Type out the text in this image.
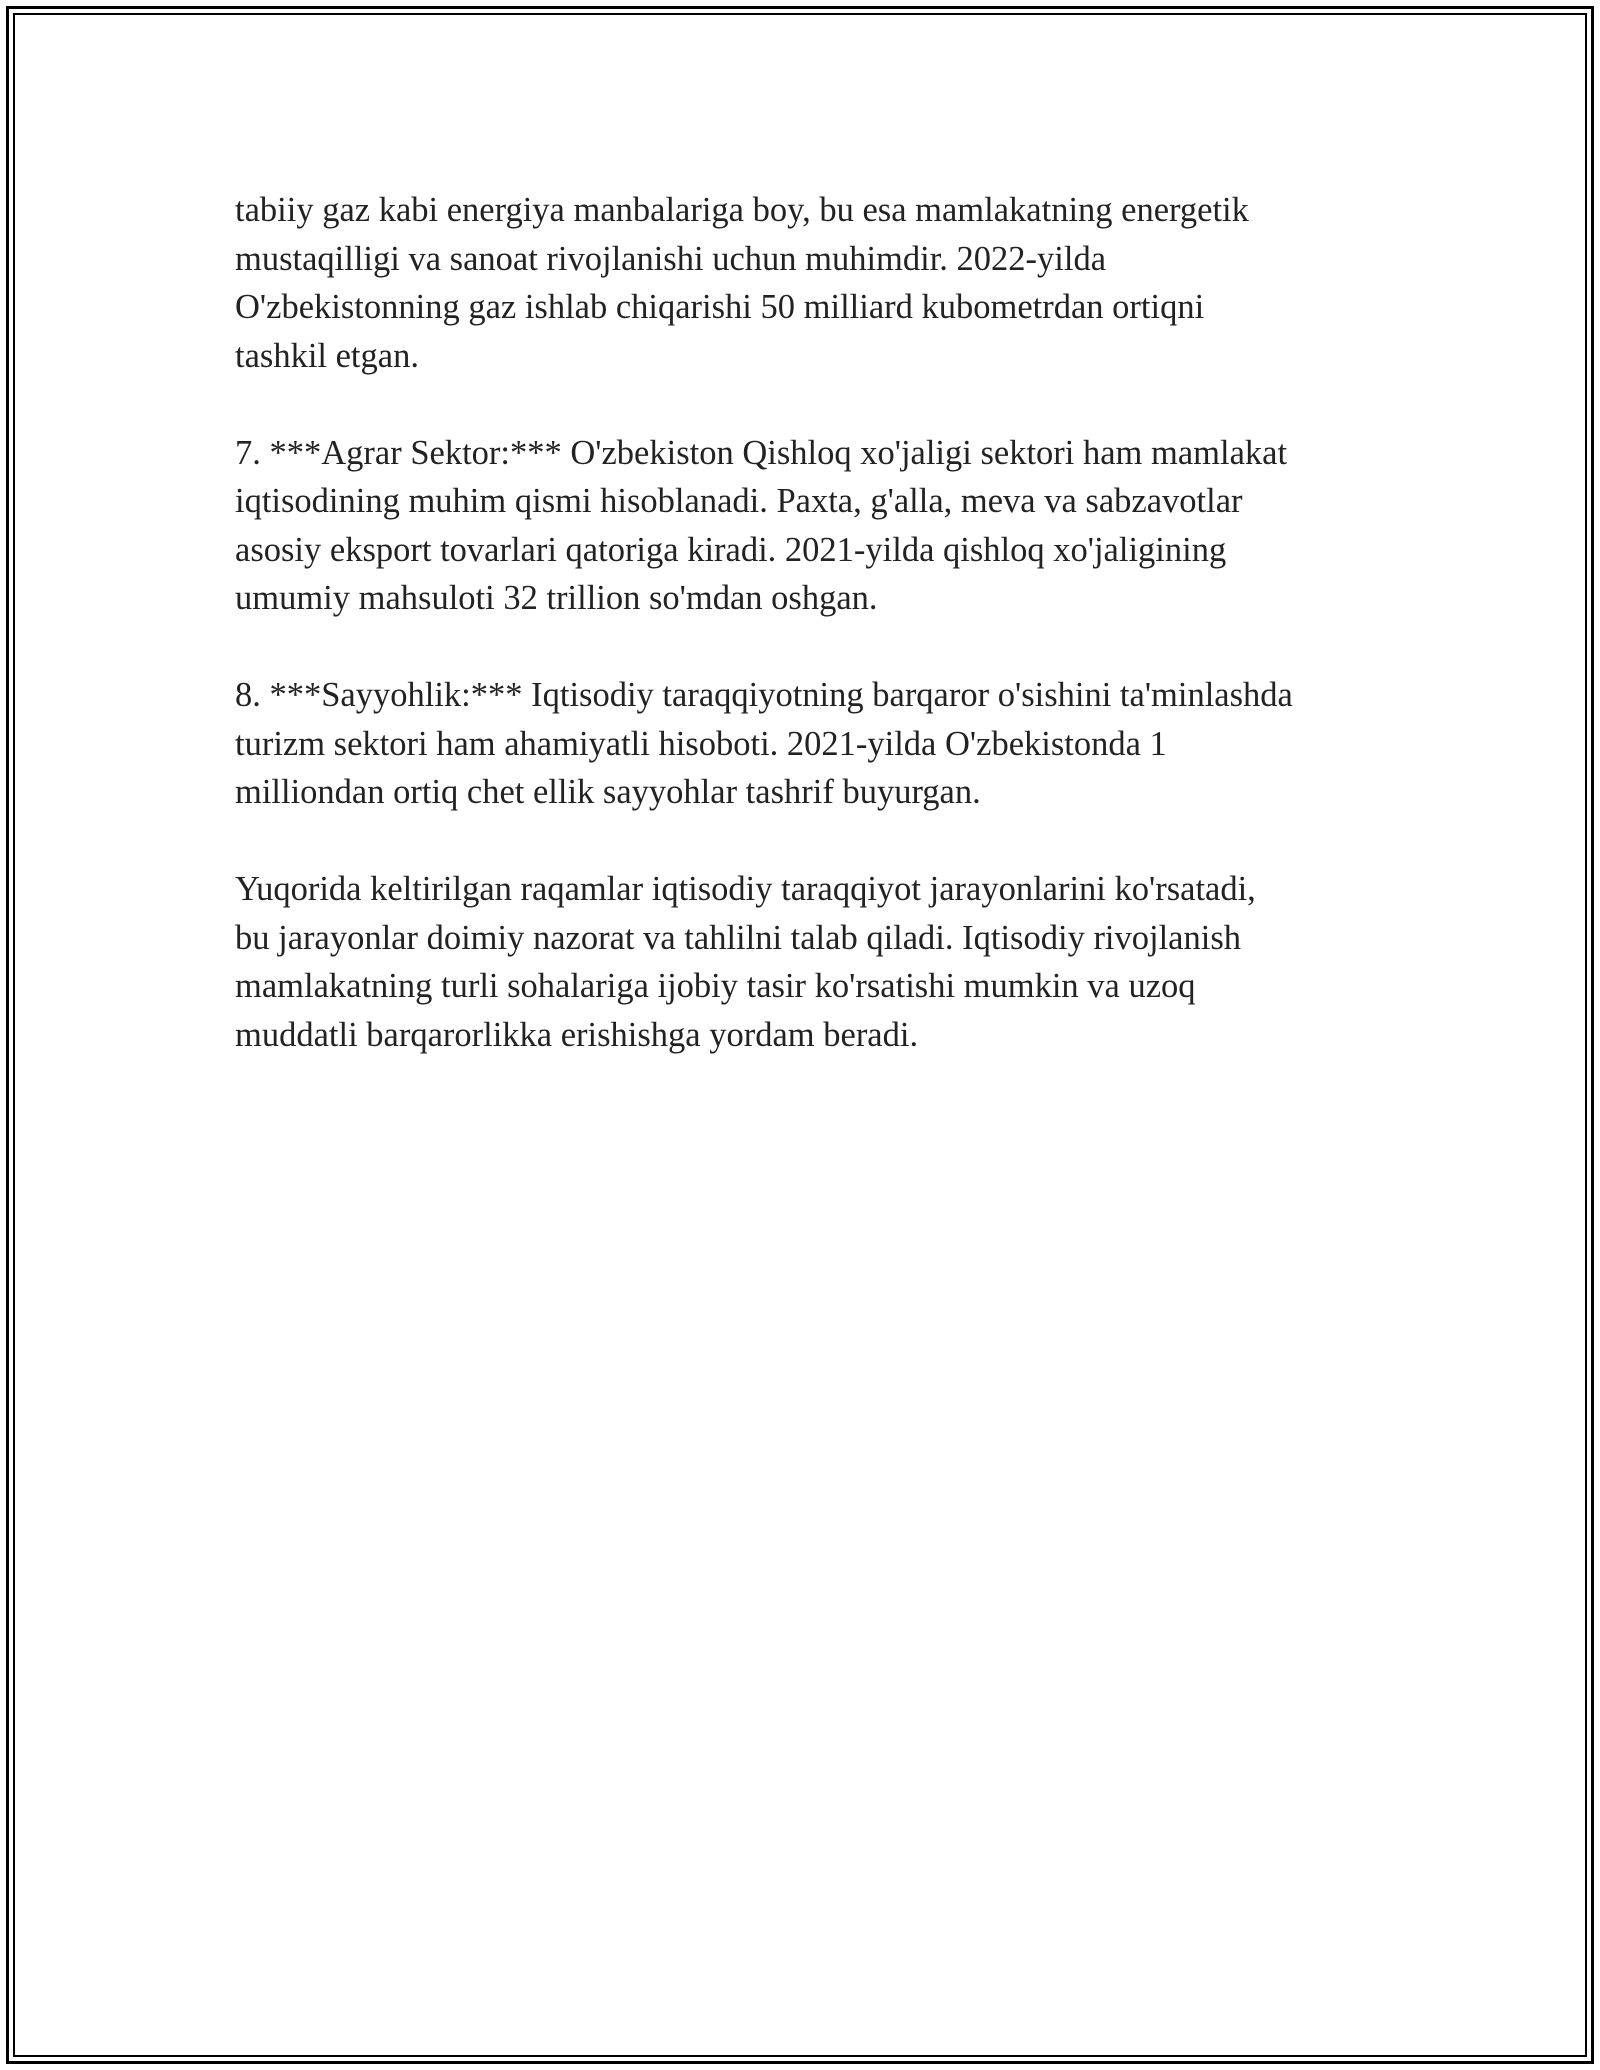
tabiiy gaz kabi energiya manbalariga boy, bu esa mamlakatning energetik
mustaqilligi va sanoat rivojlanishi uchun muhimdir. 2022-yilda
O'zbekistonning gaz ishlab chiqarishi 50 milliard kubometrdan ortiqni
tashkil etgan.

7. ***Agrar Sektor:*** O'zbekiston Qishloq xo'jaligi sektori ham mamlakat
iqtisodining muhim qismi hisoblanadi. Paxta, g'alla, meva va sabzavotlar
asosiy eksport tovarlari qatoriga kiradi. 2021-yilda qishloq xo'jaligining
umumiy mahsuloti 32 trillion so'mdan oshgan.

8. ***Sayyohlik:*** Iqtisodiy taraqqiyotning barqaror o'sishini ta'minlashda
turizm sektori ham ahamiyatli hisoboti. 2021-yilda O'zbekistonda 1
milliondan ortiq chet ellik sayyohlar tashrif buyurgan.

Yuqorida keltirilgan raqamlar iqtisodiy taraqqiyot jarayonlarini ko'rsatadi,
bu jarayonlar doimiy nazorat va tahlilni talab qiladi. Iqtisodiy rivojlanish
mamlakatning turli sohalariga ijobiy tasir ko'rsatishi mumkin va uzoq
muddatli barqarorlikka erishishga yordam beradi.
